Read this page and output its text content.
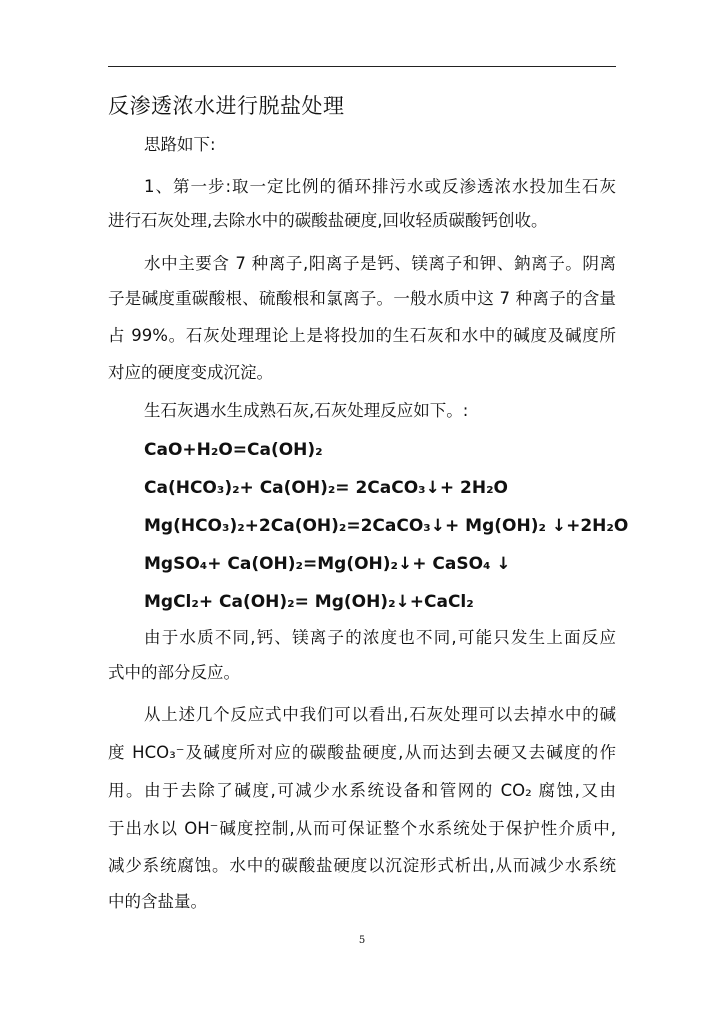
反渗透浓水进行脱盐处理
思路如下:
1、第一步:取一定比例的循环排污水或反渗透浓水投加生石灰
进行石灰处理,去除水中的碳酸盐硬度,回收轻质碳酸钙创收。
水中主要含 7 种离子,阳离子是钙、镁离子和钾、鈉离子。阴离
子是碱度重碳酸根、硫酸根和氯离子。一般水质中这 7 种离子的含量
占 99%。石灰处理理论上是将投加的生石灰和水中的碱度及碱度所
对应的硬度变成沉淀。
生石灰遇水生成熟石灰,石灰处理反应如下。:
CaO+H₂O=Ca(OH)₂
Ca(HCO₃)₂+ Ca(OH)₂= 2CaCO₃↓+ 2H₂O
Mg(HCO₃)₂+2Ca(OH)₂=2CaCO₃↓+ Mg(OH)₂ ↓+2H₂O
MgSO₄+ Ca(OH)₂=Mg(OH)₂↓+ CaSO₄ ↓
MgCl₂+ Ca(OH)₂= Mg(OH)₂↓+CaCl₂
由于水质不同,钙、镁离子的浓度也不同,可能只发生上面反应
式中的部分反应。
从上述几个反应式中我们可以看出,石灰处理可以去掉水中的碱
度 HCO₃⁻及碱度所对应的碳酸盐硬度,从而达到去硬又去碱度的作
用。由于去除了碱度,可减少水系统设备和管网的 CO₂ 腐蚀,又由
于出水以 OH⁻碱度控制,从而可保证整个水系统处于保护性介质中,
减少系统腐蚀。水中的碳酸盐硬度以沉淀形式析出,从而减少水系统
中的含盐量。
5
